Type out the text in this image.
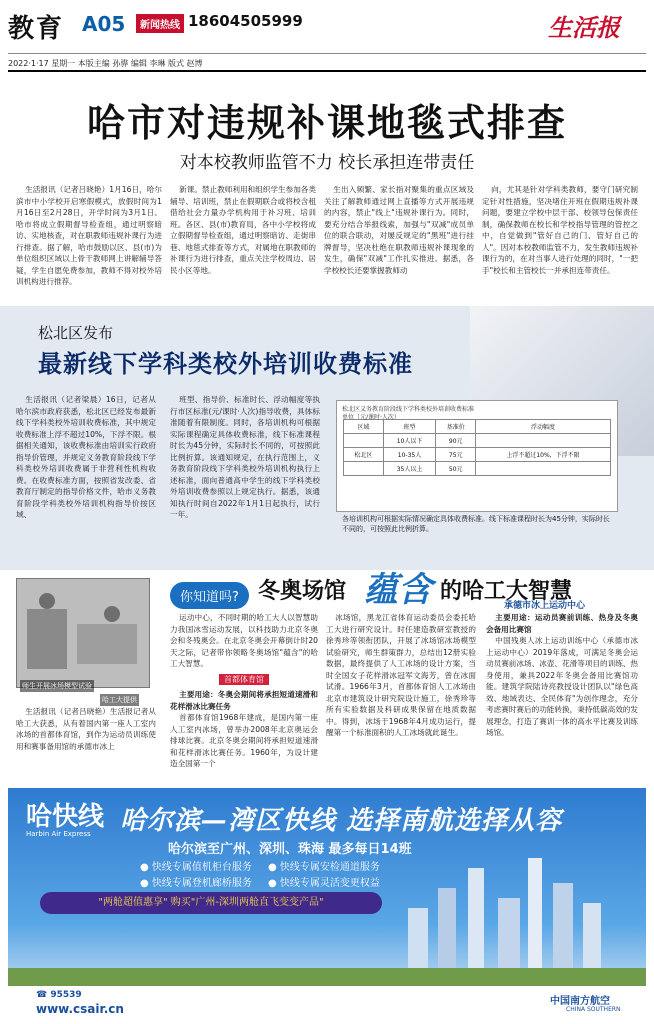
教育 A05	新闻热线 18604505999	生活报
2022·1·17 星期一 本版主编 孙骅 编辑 李琳 版式 赵博
哈市对违规补课地毯式排查
对本校教师监管不力 校长承担连带责任

生活报讯（记者吕晓艳）1月16日，哈尔滨市中小学校开启寒假模式，放假时间为1月16日至2月28日，开学时间为3月1日。哈市将成立假期督导检查组，通过明察暗访、实地核查，对在职教师违规补课行为进行排查。据了解，哈市鼓励以区、县(市)为单位组织区域以上骨干教师网上讲解辅导答疑，学生自愿免费参加，教师不得对校外培训机构进行推荐。

新课。禁止教师利用和组织学生参加各类辅导、培训班，禁止在假期联合或将校含租借给社会力量办学机构用于补习班、培训班。各区、县(市)教育局，各中小学校将成立假期督导检查组，通过明察暗访、走街串巷、地毯式排查等方式，对属地在职教师的补课行为进行排查，重点关注学校周边、居民小区等地。

生出入频繁、家长指对聚集的重点区域及关注了解教师通过网上直播等方式开展违规的内容，禁止"线上"违规补课行为。同时，要充分结合举报线索，加强与"双减"成员单位的联合联动，对屡反规定的"黑班"进行挂牌督导，坚决杜绝在职教师违规补课现象的发生，确保"双减"工作扎实推进。据悉，各学校校长还要掌握教师动

向，尤其是针对学科类教师，要守门研究制定针对性措施，坚决堵住开班在假期违规补课问题，要建立学校中层干部、校领导包保责任制，确保教师在校长和学校指导管理的管控之中，自觉做到"管好自己的门、管好自己的人"。因对本校教师监管不力，发生教师违规补课行为的，在对当事人进行处理的同时，"一把手"校长和主管校长一并承担连带责任。

松北区发布
最新线下学科类校外培训收费标准

生活报讯（记者梁晨）16日，记者从哈尔滨市政府获悉，松北区已经发布最新线下学科类校外培训收费标准，其中规定收费标准上浮不超过10%，下浮不限。根据相关通知，该收费标准由培训实行政府指导价管理，并规定义务教育阶段线下学科类校外培训收费属于非营利性机构收费。在收费标准方面，按照省发改委、省教育厅制定的指导价格文件，哈市义务教育阶段学科类校外培训机构指导价按区域、

班型、指导价、标准时长、浮动幅度等执行市区标准(元/课时·人次)指导收费，具体标准随着有限制度。同时，各培训机构可根据实际课程确定具体收费标准，线下标准课程时长为45分钟，实际时长不同的，可按照此比例折算。该通知规定，在执行范围上，义务教育阶段线下学科类校外培训机构执行上述标准，面向普通高中学生的线下学科类校外培训收费参照以上规定执行。据悉，该通知执行时间自2022年1月1日起执行，试行一年。

区域	班型	基准价	浮动幅度
	10人以下	90元	
松北区	10-35人	75元	上浮不超过10%，下浮不限
	35人以上	50元	
松北区义务教育阶段线下学科类校外培训收费标准
单位（元/课时·人次）
各培训机构可根据实际情况确定具体收费标准。线下标准课程时长为45分钟，实际时长不同的，可按照此比例折算。
师生开展冰场模型试验
哈工大提供
你知道吗? 冬奥场馆 蕴含 的哈工大智慧

生活报讯（记者吕晓艳）生活报记者从哈工大获悉，从有着国内第一座人工室内冰场的首都体育馆，到作为运动员训练使用和赛事备用馆的承德市冰上

运动中心，不同时期的哈工大人以智慧助力我国冰雪运动发展，以科技助力北京冬奥会和冬残奥会。在北京冬奥会开幕倒计时20天之际，记者带你领略冬奥场馆"蕴含"的哈工大智慧。

首都体育馆

主要用途：冬奥会期间将承担短道速滑和花样滑冰比赛任务

首都体育馆1968年建成，是国内第一座人工室内冰场，曾举办2008年北京奥运会排球比赛。北京冬奥会期间将承担短道速滑和花样滑冰比赛任务。1960年，为设计建造全国第一个

冰场馆，黑龙江省体育运动委员会委托哈工大进行研究设计。时任建造教研室教授的徐秀珍等领衔团队，开展了冰场馆冰场模型试验研究，师生群策群力，总结出12册实验数据，最终提供了人工冰场的设计方案，当时全国女子花样滑冰冠军文海芳，曾在冰面试滑。1966年3月，首都体育馆人工冰场由北京市建筑设计研究院设计施工，徐秀珍等所有实验数据及科研成果保留在地质数据中。得到，冰场于1968年4月成功运行，提醒第一个标准面积的人工冰场就此诞生。

承德市冰上运动中心

主要用途：运动员赛前训练、热身及冬奥会备用比赛馆

中国残奥人冰上运动训练中心（承德市冰上运动中心）2019年落成，可满足冬奥会运动员赛前冰场、冰壶、花滑等项目的训练、热身使用，兼具2022年冬奥会备用比赛馆功能。建筑学院陆诗亮教授设计团队以"绿色高效、地域表达、全民体育"为创作理念，充分考虑赛时赛后的功能转换，秉持低碳高效的发展理念，打造了赛训一体的高水平比赛及训练场馆。

哈快线
Harbin Air Express 哈尔滨—湾区快线 选择南航选择从容
哈尔滨至广州、深圳、珠海 最多每日14班
● 快线专属值机柜台服务 ● 快线专属安检通道服务
● 快线专属登机廊桥服务 ● 快线专属灵活变更权益
"两舱超值惠享" 购买"广州-深圳两舱直飞变变产品"
☎ 95539
www.csair.cn
中国南方航空
CHINA SOUTHERN
